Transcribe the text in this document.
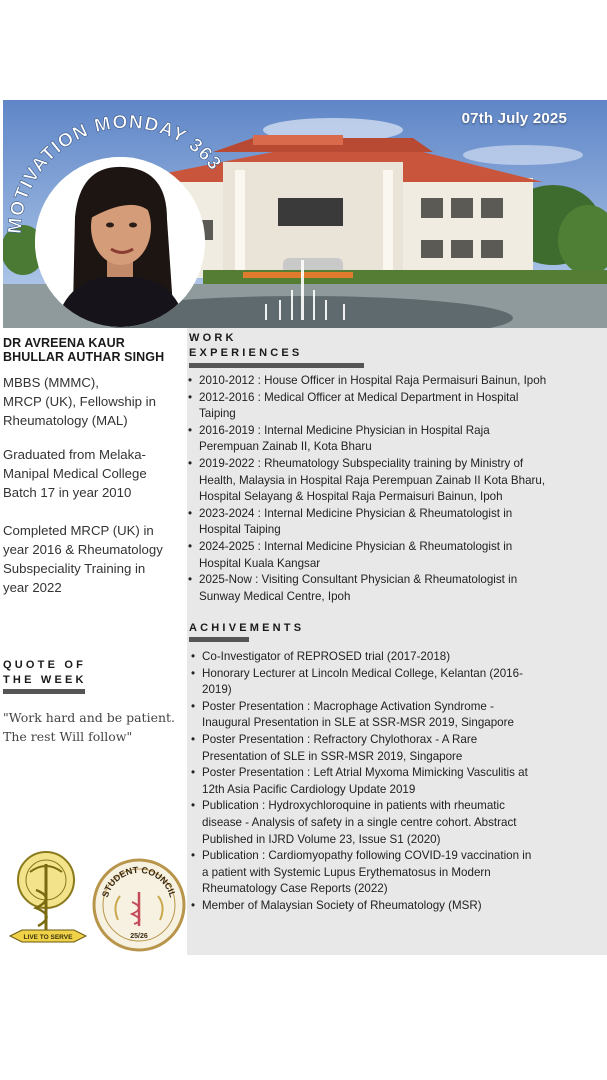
MOTIVATION MONDAY 363
07th July 2025
DR AVREENA KAUR
BHULLAR AUTHAR SINGH
MBBS (MMMC),
MRCP (UK), Fellowship in
Rheumatology (MAL)
Graduated from Melaka-
Manipal Medical College
Batch 17 in year 2010
Completed MRCP (UK) in
year 2016 & Rheumatology
Subspeciality Training in
year 2022
QUOTE OF
THE WEEK
"Work hard and be patient.
The rest Will follow"
WORK
EXPERIENCES
• 2010-2012 : House Officer in Hospital Raja Permaisuri Bainun, Ipoh
• 2012-2016 : Medical Officer at Medical Department in Hospital
Taiping
• 2016-2019 : Internal Medicine Physician in Hospital Raja
Perempuan Zainab II, Kota Bharu
• 2019-2022 : Rheumatology Subspeciality training by Ministry of
Health, Malaysia in Hospital Raja Perempuan Zainab II Kota Bharu,
Hospital Selayang & Hospital Raja Permaisuri Bainun, Ipoh
• 2023-2024 : Internal Medicine Physician & Rheumatologist in
Hospital Taiping
• 2024-2025 : Internal Medicine Physician & Rheumatologist in
Hospital Kuala Kangsar
• 2025-Now : Visiting Consultant Physician & Rheumatologist in
Sunway Medical Centre, Ipoh
ACHIVEMENTS
• Co-Investigator of REPROSED trial (2017-2018)
• Honorary Lecturer at Lincoln Medical College, Kelantan (2016-
2019)
• Poster Presentation : Macrophage Activation Syndrome -
Inaugural Presentation in SLE at SSR-MSR 2019, Singapore
• Poster Presentation : Refractory Chylothorax - A Rare
Presentation of SLE in SSR-MSR 2019, Singapore
• Poster Presentation : Left Atrial Myxoma Mimicking Vasculitis at
12th Asia Pacific Cardiology Update 2019
• Publication : Hydroxychloroquine in patients with rheumatic
disease - Analysis of safety in a single centre cohort. Abstract
Published in IJRD Volume 23, Issue S1 (2020)
• Publication : Cardiomyopathy following COVID-19 vaccination in
a patient with Systemic Lupus Erythematosus in Modern
Rheumatology Case Reports (2022)
• Member of Malaysian Society of Rheumatology (MSR)
LIVE TO SERVE
STUDENT COUNCIL
25/26
